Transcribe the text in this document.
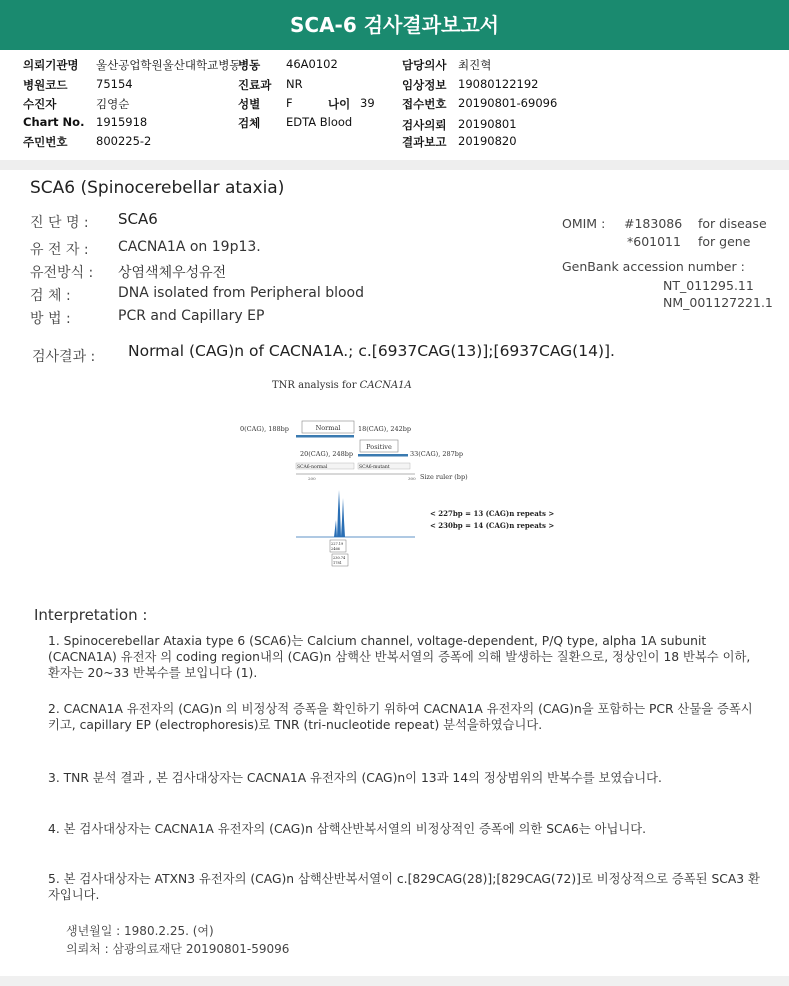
SCA-6 검사결과보고서
의뢰기관명 울산공업학원울산대학교병동
병원코드 75154
수진자	김영순
Chart No. 1915918
주민번호 800225-2
병동 46A0102
진료과 NR
성별 F	나이 39
검체 EDTA Blood
담당의사 최진혁
임상정보 19080122192
접수번호 20190801-69096
검사의뢰 20190801
결과보고 20190820
SCA6 (Spinocerebellar ataxia)
진 단 명 : SCA6
유 전 자 : CACNA1A on 19p13.
유전방식 : 상염색체우성유전
검 체 :	DNA isolated from Peripheral blood
방 법 :	PCR and Capillary EP
OMIM : #183086 for disease
*601011 for gene
GenBank accession number :
NT_011295.11
NM_001127221.1
검사결과 : Normal (CAG)n of CACNA1A.; c.[6937CAG(13)];[6937CAG(14)].
TNR analysis for CACNA1A
0(CAG), 188bp	Normal	18(CAG), 242bp
Positive
20(CAG), 248bp	33(CAG), 287bp
SCA6-normal	SCA6-mutant
200	300 Size ruler (bp)
< 227bp = 13 (CAG)n repeats >
< 230bp = 14 (CAG)n repeats >
227.19
2466
230.74
1781
Interpretation :
1. Spinocerebellar Ataxia type 6 (SCA6)는 Calcium channel, voltage-dependent, P/Q type, alpha 1A subunit (CACNA1A) 유전자 의 coding region내의 (CAG)n 삼핵산 반복서열의 증폭에 의해 발생하는 질환으로, 정상인이 18 반복수 이하, 환자는 20~33 반복수를 보입니다 (1).
2. CACNA1A 유전자의 (CAG)n 의 비정상적 증폭을 확인하기 위하여 CACNA1A 유전자의 (CAG)n을 포함하는 PCR 산물을 증폭시키고, capillary EP (electrophoresis)로 TNR (tri-nucleotide repeat) 분석을하였습니다.
3. TNR 분석 결과 , 본 검사대상자는 CACNA1A 유전자의 (CAG)n이 13과 14의 정상범위의 반복수를 보였습니다.
4. 본 검사대상자는 CACNA1A 유전자의 (CAG)n 삼핵산반복서열의 비정상적인 증폭에 의한 SCA6는 아닙니다.
5. 본 검사대상자는 ATXN3 유전자의 (CAG)n 삼핵산반복서열이 c.[829CAG(28)];[829CAG(72)]로 비정상적으로 증폭된 SCA3 환자입니다.
생년월일 : 1980.2.25. (여)
의뢰처 : 삼광의료재단 20190801-59096
